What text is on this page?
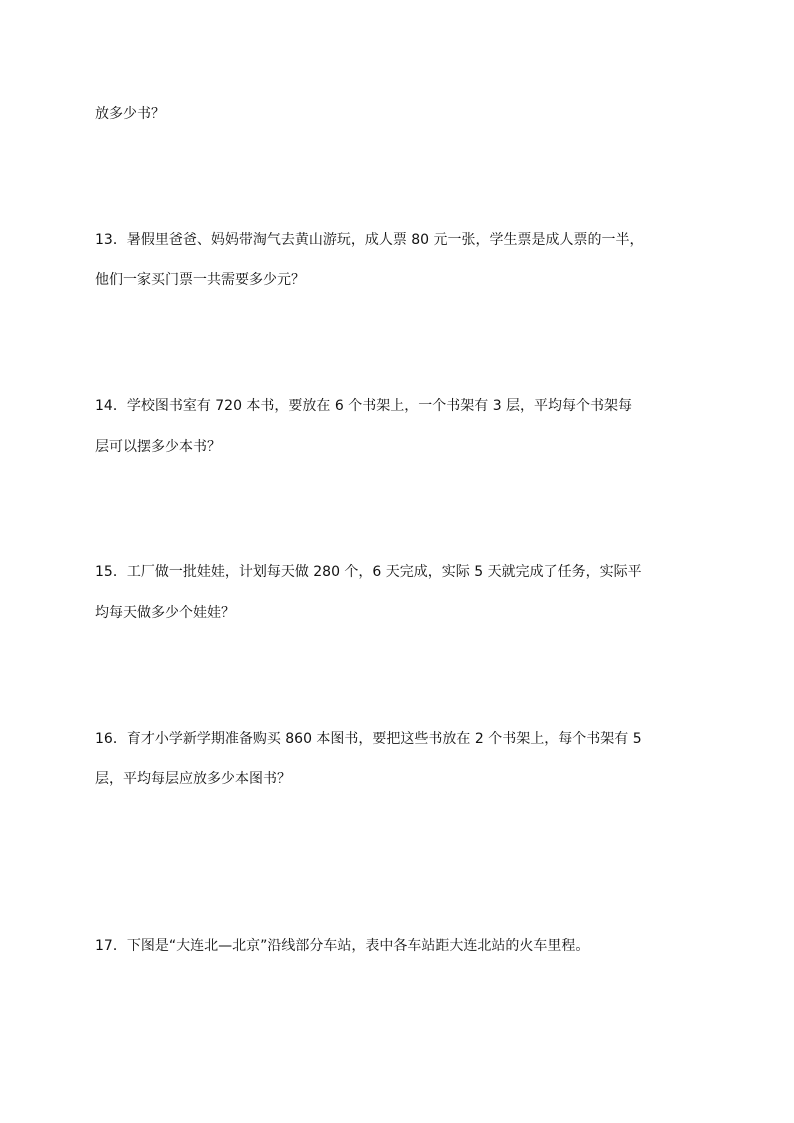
放多少书？
13．暑假里爸爸、妈妈带淘气去黄山游玩，成人票 80 元一张，学生票是成人票的一半，
他们一家买门票一共需要多少元？
14．学校图书室有 720 本书，要放在 6 个书架上，一个书架有 3 层，平均每个书架每
层可以摆多少本书？
15．工厂做一批娃娃，计划每天做 280 个，6 天完成，实际 5 天就完成了任务，实际平
均每天做多少个娃娃？
16．育才小学新学期准备购买 860 本图书，要把这些书放在 2 个书架上，每个书架有 5
层，平均每层应放多少本图书？
17．下图是“大连北—北京”沿线部分车站，表中各车站距大连北站的火车里程。
